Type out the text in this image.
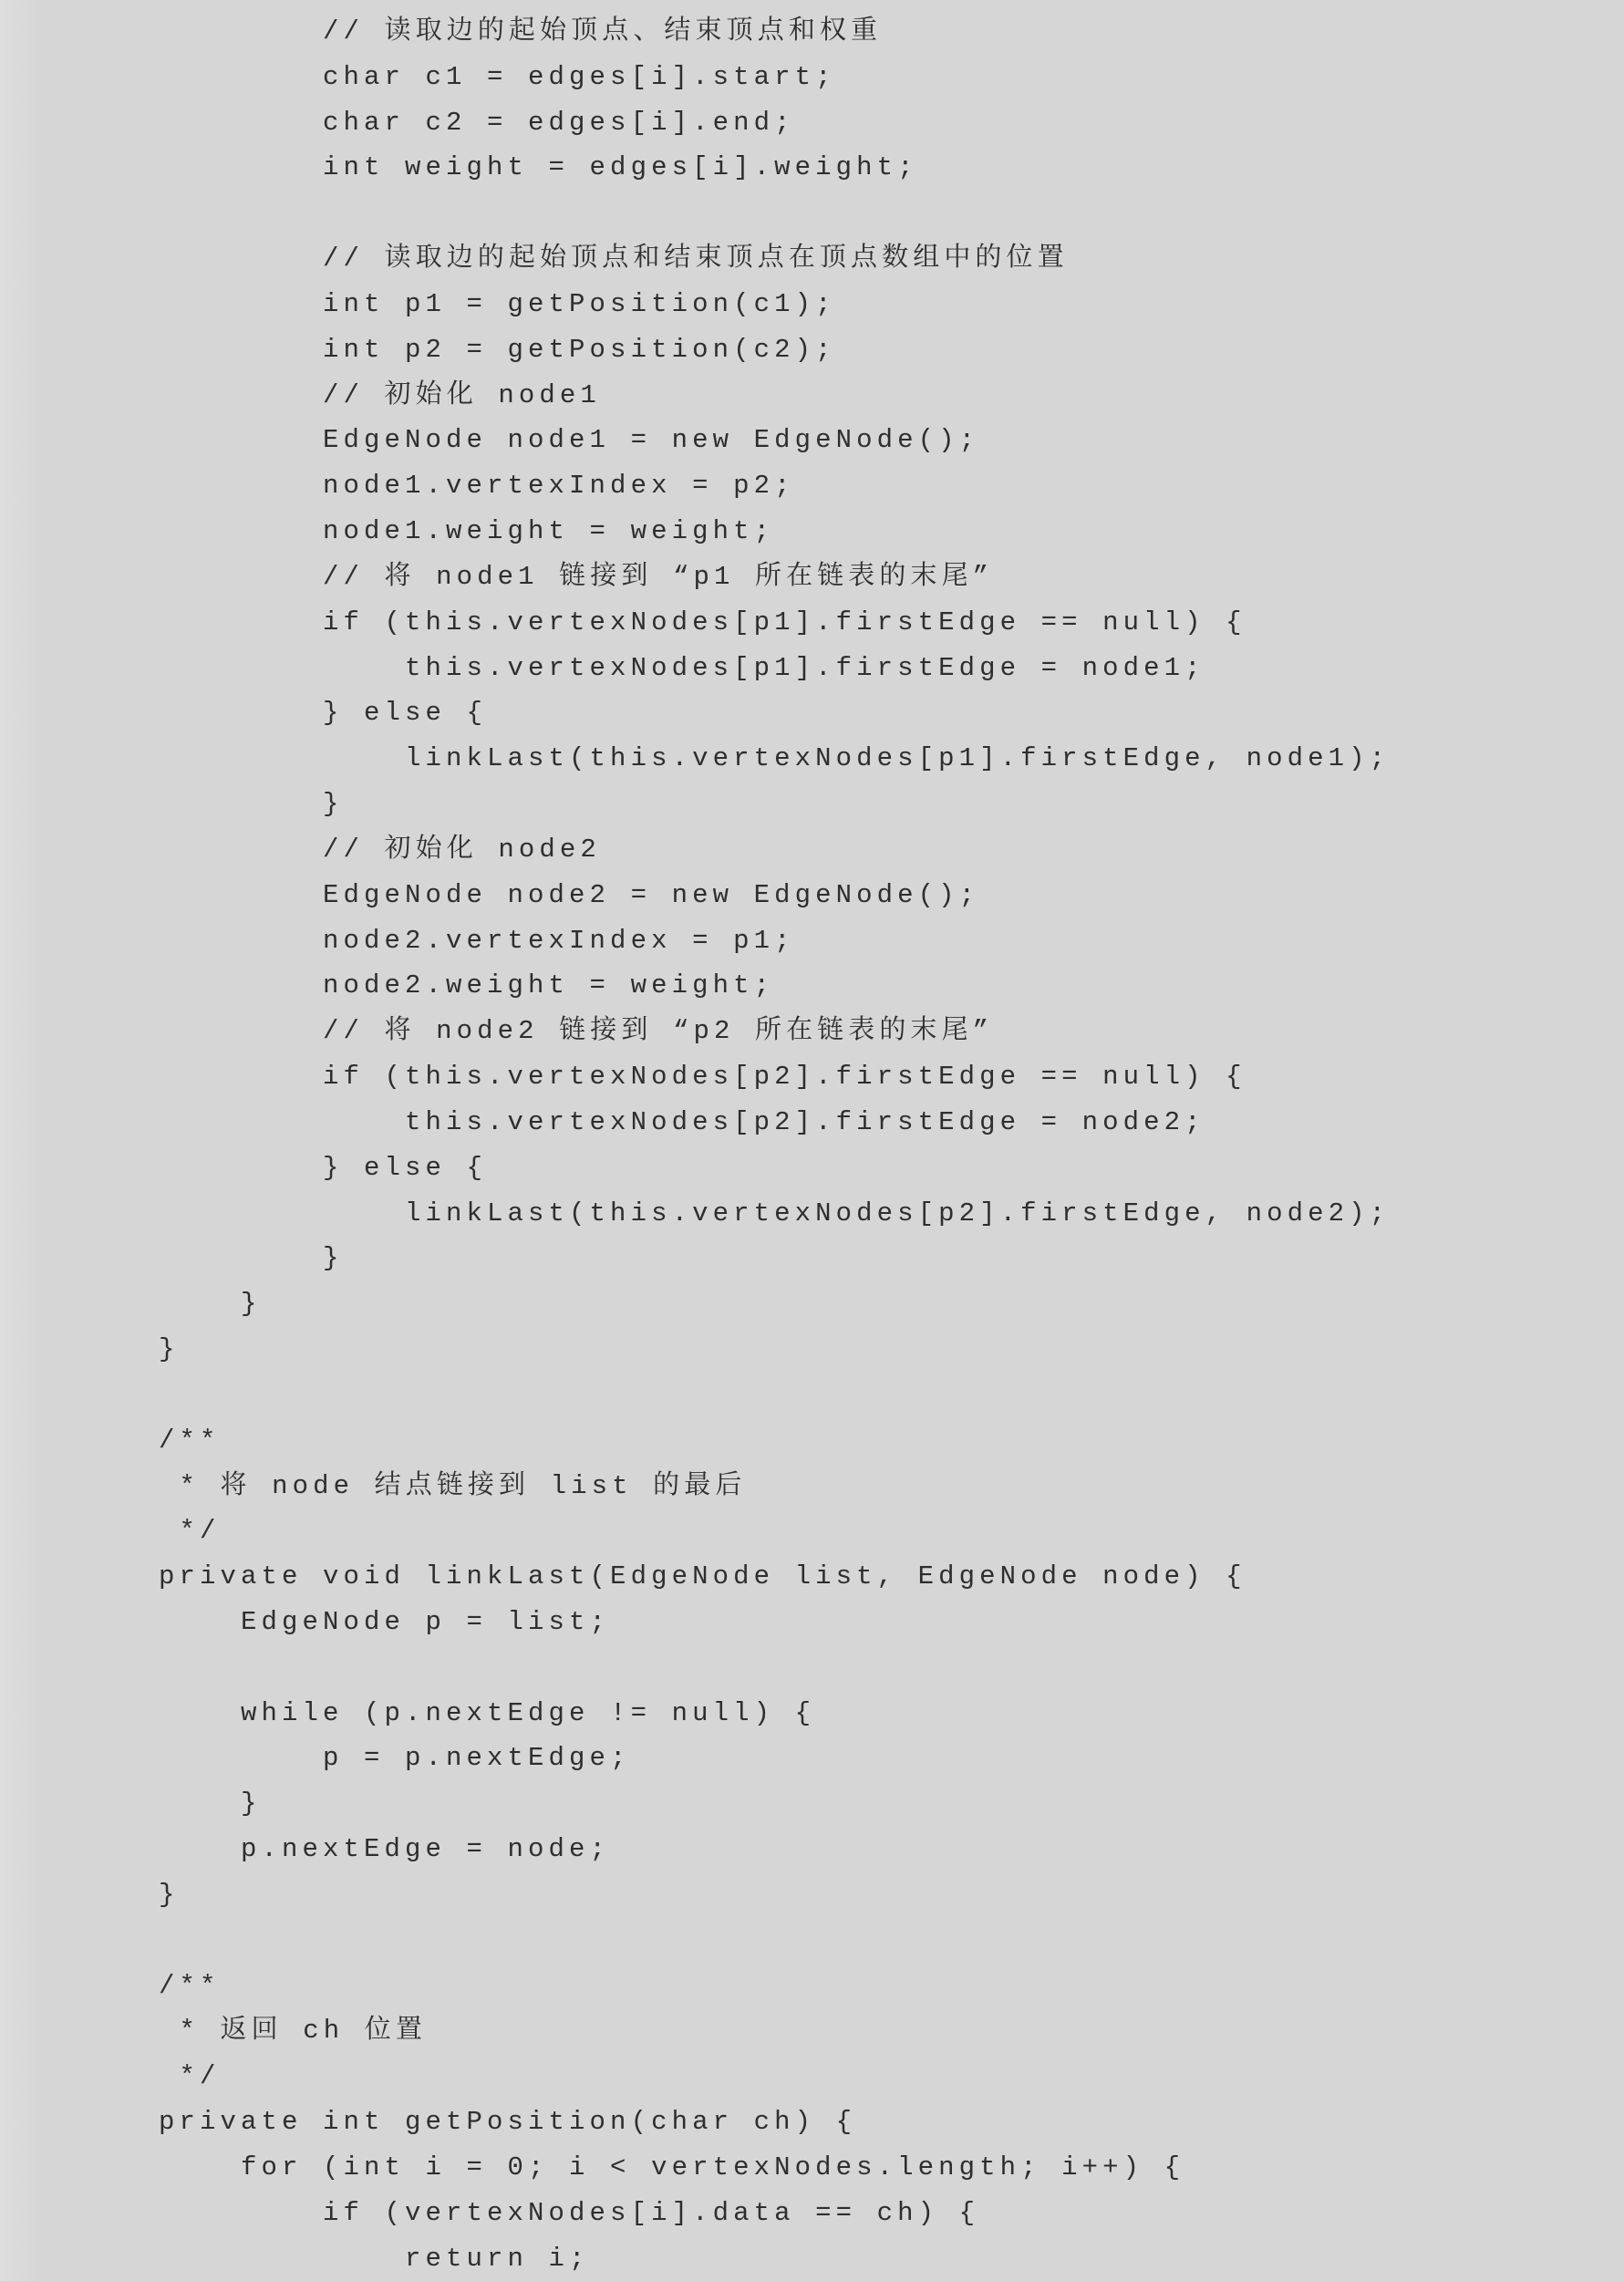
// 读取边的起始顶点、结束顶点和权重
char c1 = edges[i].start;
char c2 = edges[i].end;
int weight = edges[i].weight;

// 读取边的起始顶点和结束顶点在顶点数组中的位置
int p1 = getPosition(c1);
int p2 = getPosition(c2);
// 初始化 node1
EdgeNode node1 = new EdgeNode();
node1.vertexIndex = p2;
node1.weight = weight;
// 将 node1 链接到 “p1 所在链表的末尾”
if (this.vertexNodes[p1].firstEdge == null) {
this.vertexNodes[p1].firstEdge = node1;
} else {
linkLast(this.vertexNodes[p1].firstEdge, node1);
}
// 初始化 node2
EdgeNode node2 = new EdgeNode();
node2.vertexIndex = p1;
node2.weight = weight;
// 将 node2 链接到 “p2 所在链表的末尾”
if (this.vertexNodes[p2].firstEdge == null) {
this.vertexNodes[p2].firstEdge = node2;
} else {
linkLast(this.vertexNodes[p2].firstEdge, node2);
}
}
}

/**
* 将 node 结点链接到 list 的最后
*/
private void linkLast(EdgeNode list, EdgeNode node) {
EdgeNode p = list;

while (p.nextEdge != null) {
p = p.nextEdge;
}
p.nextEdge = node;
}

/**
* 返回 ch 位置
*/
private int getPosition(char ch) {
for (int i = 0; i < vertexNodes.length; i++) {
if (vertexNodes[i].data == ch) {
return i;
